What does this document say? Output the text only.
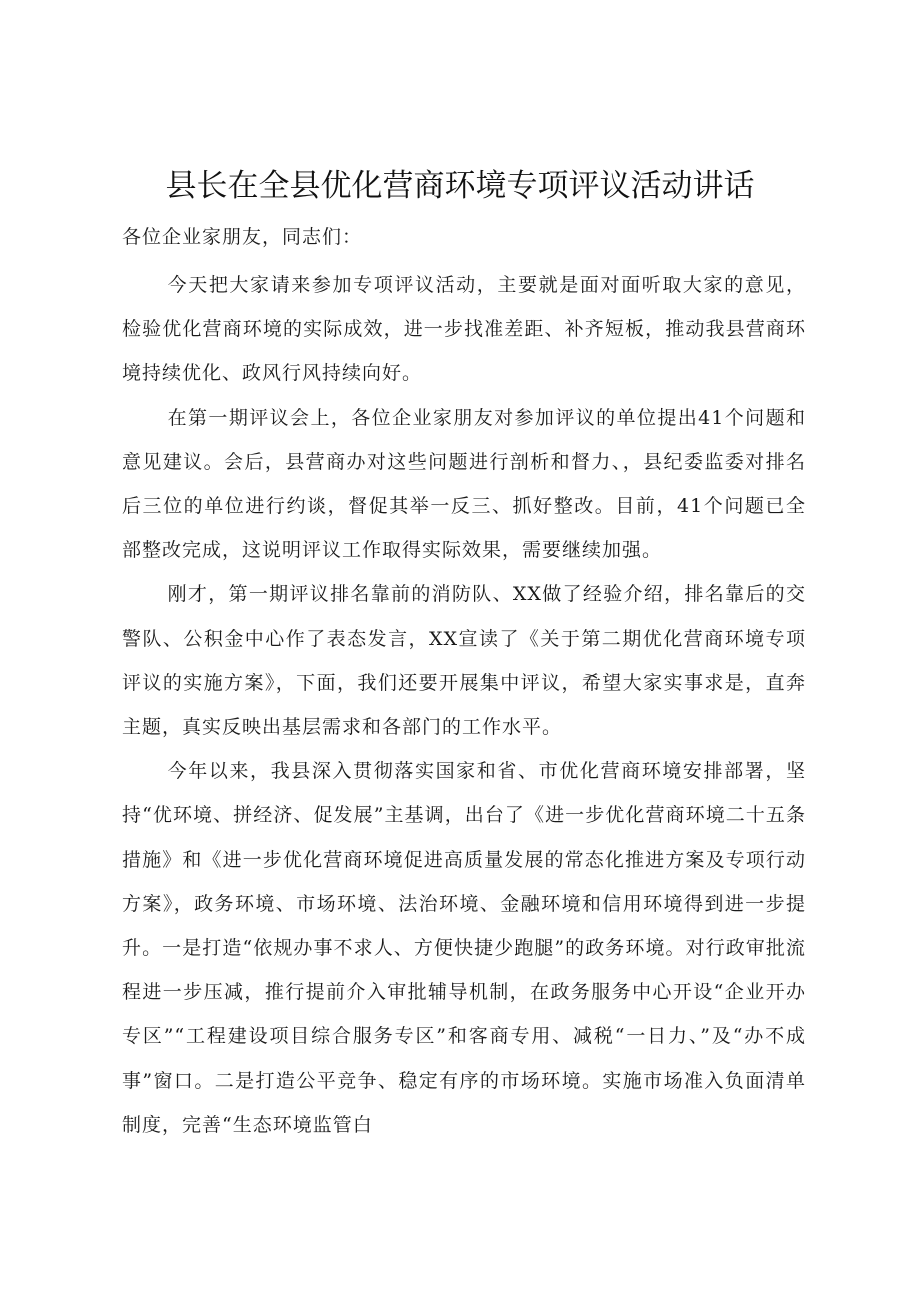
县长在全县优化营商环境专项评议活动讲话

各位企业家朋友，同志们：

今天把大家请来参加专项评议活动，主要就是面对面听取大家的意见，检验优化营商环境的实际成效，进一步找准差距、补齐短板，推动我县营商环境持续优化、政风行风持续向好。

在第一期评议会上，各位企业家朋友对参加评议的单位提出41个问题和意见建议。会后，县营商办对这些问题进行剖析和督力、，县纪委监委对排名后三位的单位进行约谈，督促其举一反三、抓好整改。目前，41个问题已全部整改完成，这说明评议工作取得实际效果，需要继续加强。

刚才，第一期评议排名靠前的消防队、XX做了经验介绍，排名靠后的交警队、公积金中心作了表态发言，XX宣读了《关于第二期优化营商环境专项评议的实施方案》，下面，我们还要开展集中评议，希望大家实事求是，直奔主题，真实反映出基层需求和各部门的工作水平。

今年以来，我县深入贯彻落实国家和省、市优化营商环境安排部署，坚持“优环境、拼经济、促发展”主基调，出台了《进一步优化营商环境二十五条措施》和《进一步优化营商环境促进高质量发展的常态化推进方案及专项行动方案》，政务环境、市场环境、法治环境、金融环境和信用环境得到进一步提升。一是打造“依规办事不求人、方便快捷少跑腿”的政务环境。对行政审批流程进一步压减，推行提前介入审批辅导机制，在政务服务中心开设“企业开办专区”“工程建设项目综合服务专区”和客商专用、减税“一日力、”及“办不成事”窗口。二是打造公平竞争、稳定有序的市场环境。实施市场准入负面清单制度，完善“生态环境监管白
